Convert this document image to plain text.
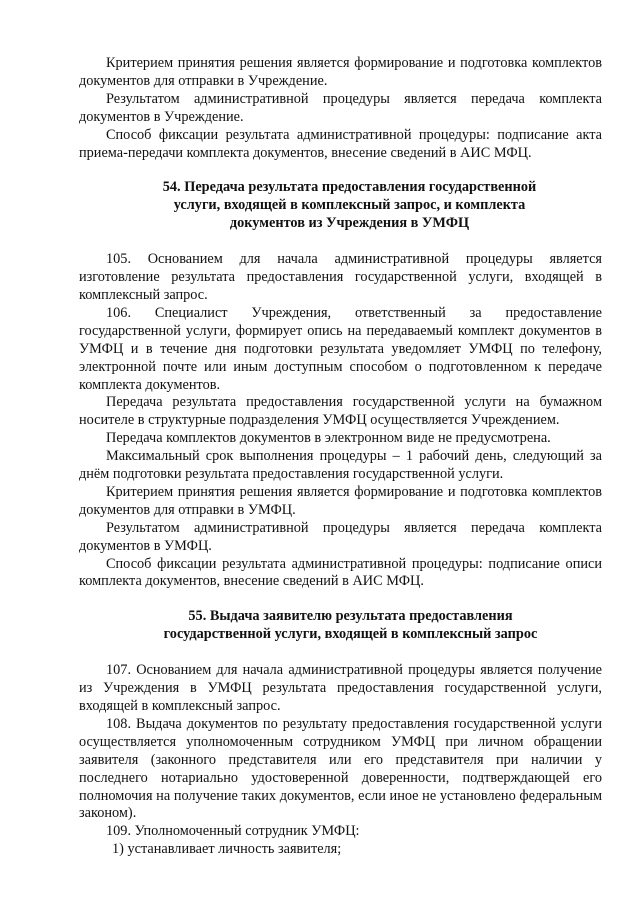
Критерием принятия решения является формирование и подготовка комплектов документов для отправки в Учреждение.

Результатом административной процедуры является передача комплекта документов в Учреждение.

Способ фиксации результата административной процедуры: подписание акта приема-передачи комплекта документов, внесение сведений в АИС МФЦ.

54. Передача результата предоставления государственной
услуги, входящей в комплексный запрос, и комплекта
документов из Учреждения в УМФЦ

105. Основанием для начала административной процедуры является изготовление результата предоставления государственной услуги, входящей в комплексный запрос.

106. Специалист Учреждения, ответственный за предоставление государственной услуги, формирует опись на передаваемый комплект документов в УМФЦ и в течение дня подготовки результата уведомляет УМФЦ по телефону, электронной почте или иным доступным способом о подготовленном к передаче комплекта документов.

Передача результата предоставления государственной услуги на бумажном носителе в структурные подразделения УМФЦ осуществляется Учреждением.

Передача комплектов документов в электронном виде не предусмотрена.

Максимальный срок выполнения процедуры – 1 рабочий день, следующий за днём подготовки результата предоставления государственной услуги.

Критерием принятия решения является формирование и подготовка комплектов документов для отправки в УМФЦ.

Результатом административной процедуры является передача комплекта документов в УМФЦ.

Способ фиксации результата административной процедуры: подписание описи комплекта документов, внесение сведений в АИС МФЦ.

55. Выдача заявителю результата предоставления
государственной услуги, входящей в комплексный запрос

107. Основанием для начала административной процедуры является получение из Учреждения в УМФЦ результата предоставления государственной услуги, входящей в комплексный запрос.

108. Выдача документов по результату предоставления государственной услуги осуществляется уполномоченным сотрудником УМФЦ при личном обращении заявителя (законного представителя или его представителя при наличии у последнего нотариально удостоверенной доверенности, подтверждающей его полномочия на получение таких документов, если иное не установлено федеральным законом).

109. Уполномоченный сотрудник УМФЦ:

1) устанавливает личность заявителя;
